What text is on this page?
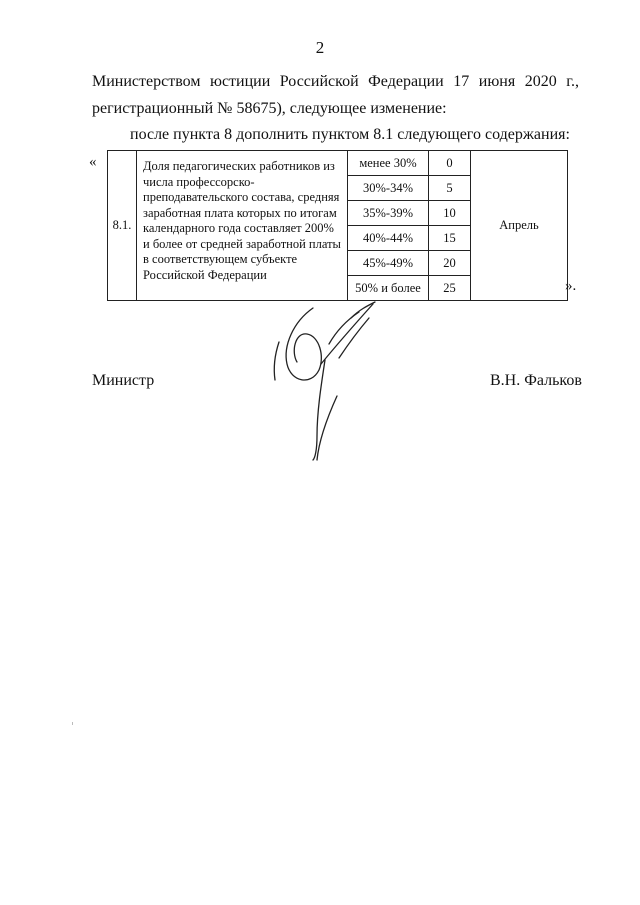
2
Министерством юстиции Российской Федерации 17 июня 2020 г.,
регистрационный № 58675), следующее изменение:
после пункта 8 дополнить пунктом 8.1 следующего содержания:
«
8.1.	Доля педагогических работников из числа профессорско-преподавательского состава, средняя заработная плата которых по итогам календарного года составляет 200% и более от средней заработной платы в соответствующем субъекте Российской Федерации	менее 30%	0	Апрель
		30%-34%	5	
		35%-39%	10	
		40%-44%	15	
		45%-49%	20	
		50% и более	25		».
Министр	В.Н. Фальков
